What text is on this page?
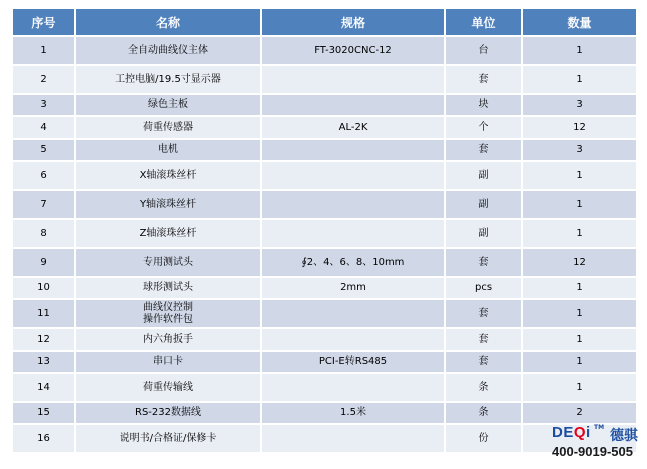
序号	名称	规格	单位	数量
1	全自动曲线仪主体	FT-3020CNC-12	台	1
2	工控电脑/19.5寸显示器		套	1
3	绿色主板		块	3
4	荷重传感器	AL-2K	个	12
5	电机		套	3
6	X轴滚珠丝杆		副	1
7	Y轴滚珠丝杆		副	1
8	Z轴滚珠丝杆		副	1
9	专用测试头	∮2、4、6、8、10mm	套	12
10	球形测试头	2mm	pcs	1
11	曲线仪控制
操作软件包		套	1
12	内六角扳手		套	1
13	串口卡	PCI-E转RS485	套	1
14	荷重传输线		条	1
15	RS-232数据线	1.5米	条	2
16	说明书/合格证/保修卡		份		DEQi TM
德骐
400-9019-505
